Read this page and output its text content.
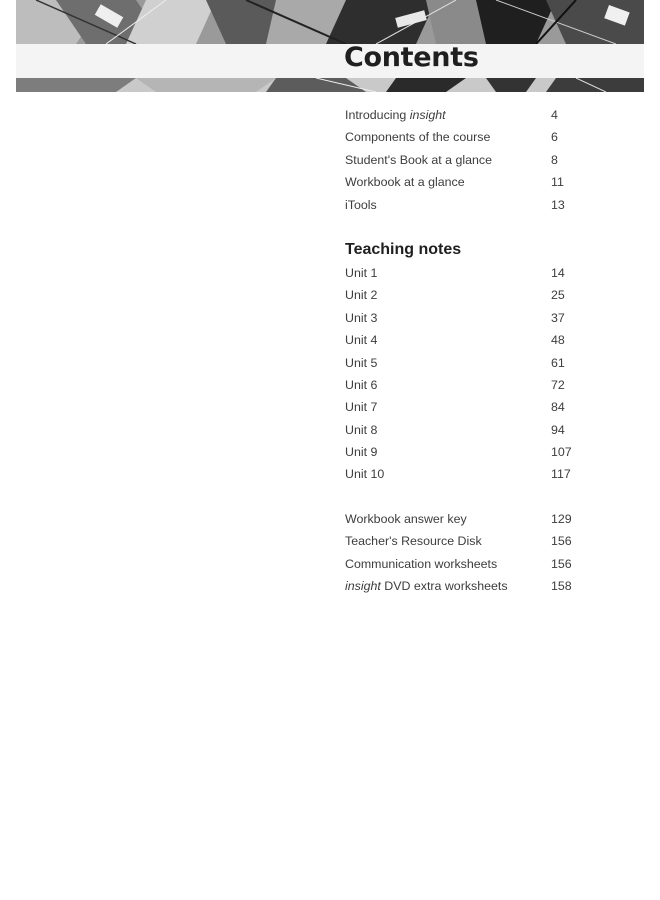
Contents
Introducing insight	4
Components of the course	6
Student's Book at a glance	8
Workbook at a glance	11
iTools	13
Teaching notes
Unit 1	14
Unit 2	25
Unit 3	37
Unit 4	48
Unit 5	61
Unit 6	72
Unit 7	84
Unit 8	94
Unit 9	107
Unit 10	117
Workbook answer key	129
Teacher's Resource Disk	156
Communication worksheets	156
insight DVD extra worksheets	158
